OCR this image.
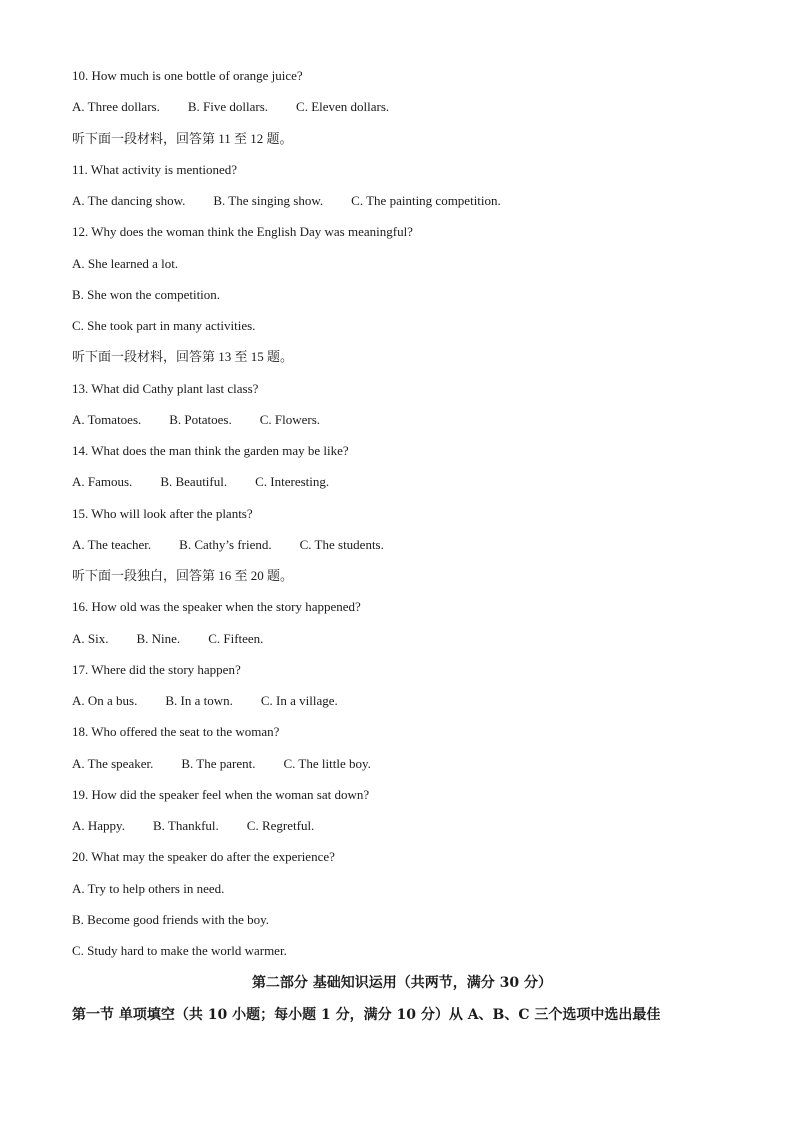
10. How much is one bottle of orange juice?
A. Three dollars. B. Five dollars. C. Eleven dollars.
听下面一段材料，回答第 11 至 12 题。
11. What activity is mentioned?
A. The dancing show. B. The singing show. C. The painting competition.
12. Why does the woman think the English Day was meaningful?
A. She learned a lot.
B. She won the competition.
C. She took part in many activities.
听下面一段材料，回答第 13 至 15 题。
13. What did Cathy plant last class?
A. Tomatoes. B. Potatoes. C. Flowers.
14. What does the man think the garden may be like?
A. Famous. B. Beautiful. C. Interesting.
15. Who will look after the plants?
A. The teacher. B. Cathy’s friend. C. The students.
听下面一段独白，回答第 16 至 20 题。
16. How old was the speaker when the story happened?
A. Six. B. Nine. C. Fifteen.
17. Where did the story happen?
A. On a bus. B. In a town. C. In a village.
18. Who offered the seat to the woman?
A. The speaker. B. The parent. C. The little boy.
19. How did the speaker feel when the woman sat down?
A. Happy. B. Thankful. C. Regretful.
20. What may the speaker do after the experience?
A. Try to help others in need.
B. Become good friends with the boy.
C. Study hard to make the world warmer.
第二部分 基础知识运用（共两节，满分 30 分）
第一节 单项填空（共 10 小题；每小题 1 分，满分 10 分）从 A、B、C 三个选项中选出最佳
